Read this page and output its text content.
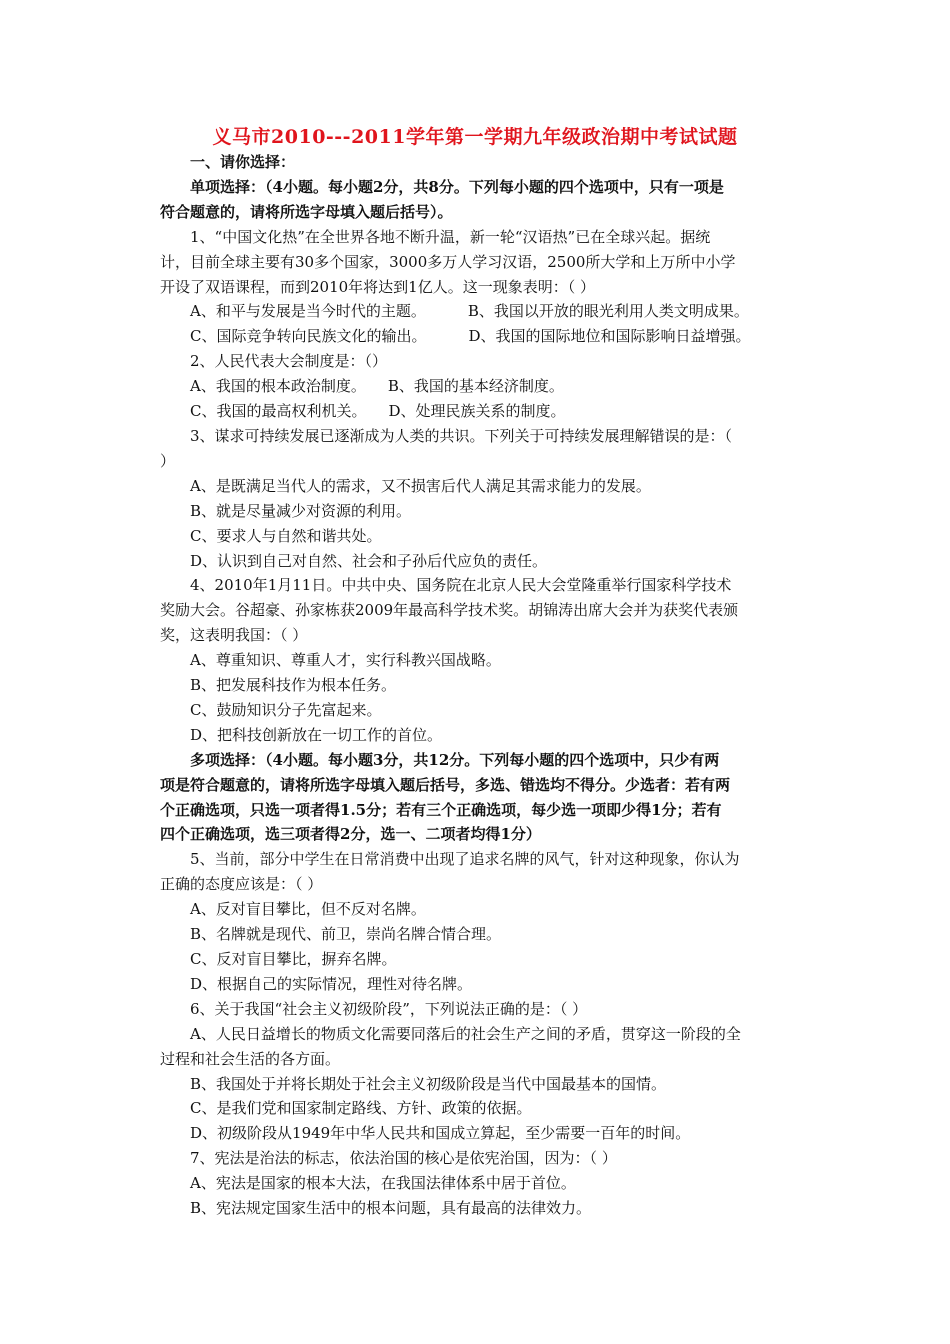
义马市2010---2011学年第一学期九年级政治期中考试试题

一、请你选择：

单项选择：（4小题。每小题2分，共8分。下列每小题的四个选项中，只有一项是

符合题意的，请将所选字母填入题后括号）。

1、“中国文化热”在全世界各地不断升温，新一轮“汉语热”已在全球兴起。据统

计，目前全球主要有30多个国家，3000多万人学习汉语，2500所大学和上万所中小学

开设了双语课程，而到2010年将达到1亿人。这一现象表明：（ ）

A、和平与发展是当今时代的主题。	B、我国以开放的眼光利用人类文明成果。

C、国际竞争转向民族文化的输出。	D、我国的国际地位和国际影响日益增强。

2、人民代表大会制度是：（）

A、我国的根本政治制度。 B、我国的基本经济制度。

C、我国的最高权利机关。 D、处理民族关系的制度。

3、谋求可持续发展已逐渐成为人类的共识。下列关于可持续发展理解错误的是：（

）

A、是既满足当代人的需求，又不损害后代人满足其需求能力的发展。

B、就是尽量减少对资源的利用。

C、要求人与自然和谐共处。

D、认识到自己对自然、社会和子孙后代应负的责任。

4、2010年1月11日。中共中央、国务院在北京人民大会堂隆重举行国家科学技术

奖励大会。谷超豪、孙家栋获2009年最高科学技术奖。胡锦涛出席大会并为获奖代表颁

奖，这表明我国：（ ）

A、尊重知识、尊重人才，实行科教兴国战略。

B、把发展科技作为根本任务。

C、鼓励知识分子先富起来。

D、把科技创新放在一切工作的首位。

多项选择：（4小题。每小题3分，共12分。下列每小题的四个选项中，只少有两

项是符合题意的，请将所选字母填入题后括号，多选、错选均不得分。少选者：若有两

个正确选项，只选一项者得1.5分；若有三个正确选项，每少选一项即少得1分；若有

四个正确选项，选三项者得2分，选一、二项者均得1分）

5、当前，部分中学生在日常消费中出现了追求名牌的风气，针对这种现象，你认为

正确的态度应该是：（ ）

A、反对盲目攀比，但不反对名牌。

B、名牌就是现代、前卫，崇尚名牌合情合理。

C、反对盲目攀比，摒弃名牌。

D、根据自己的实际情况，理性对待名牌。

6、关于我国“社会主义初级阶段”，下列说法正确的是：（ ）

A、人民日益增长的物质文化需要同落后的社会生产之间的矛盾，贯穿这一阶段的全

过程和社会生活的各方面。

B、我国处于并将长期处于社会主义初级阶段是当代中国最基本的国情。

C、是我们党和国家制定路线、方针、政策的依据。

D、初级阶段从1949年中华人民共和国成立算起，至少需要一百年的时间。

7、宪法是治法的标志，依法治国的核心是依宪治国，因为：（ ）

A、宪法是国家的根本大法，在我国法律体系中居于首位。

B、宪法规定国家生活中的根本问题，具有最高的法律效力。
